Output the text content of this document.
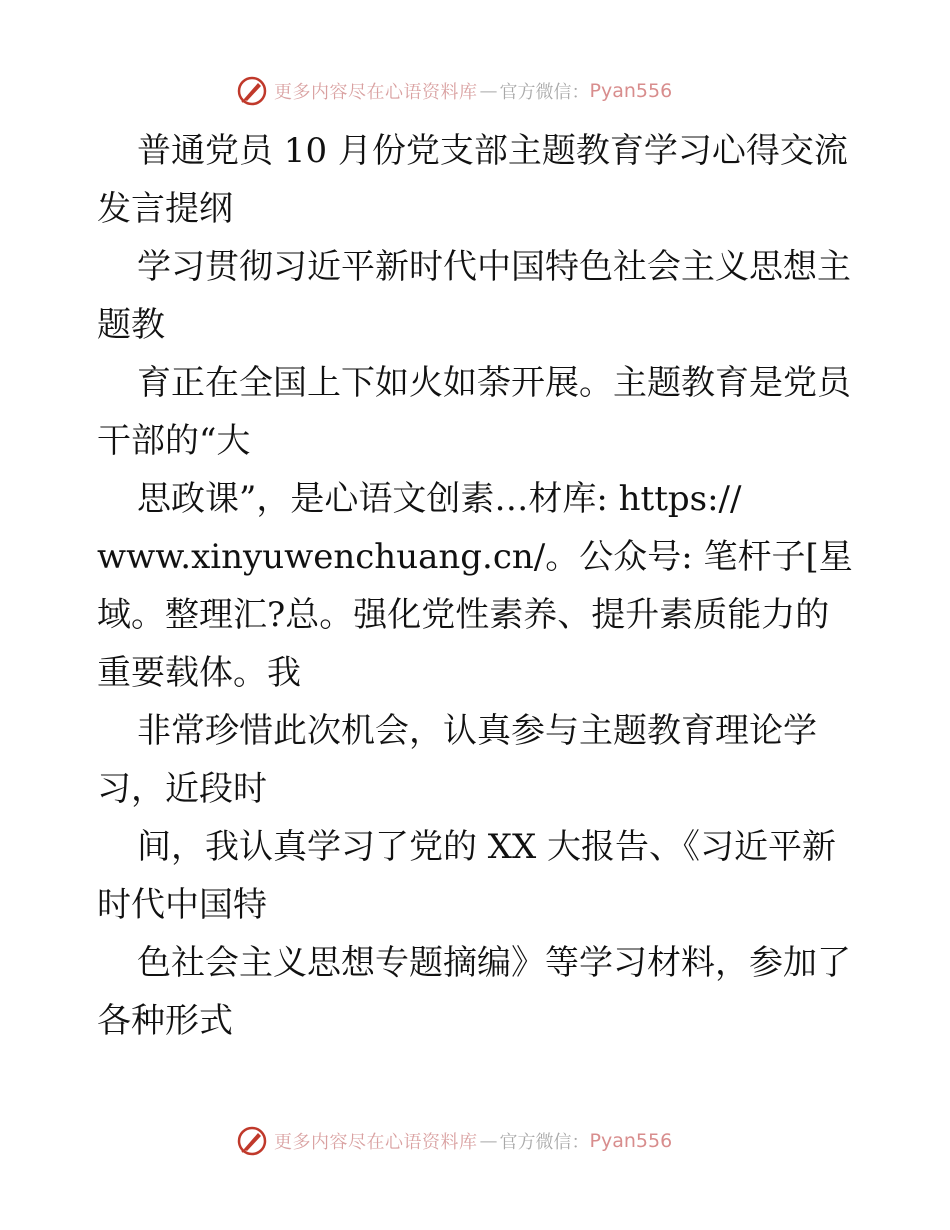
更多内容尽在心语资料库 — 官方微信： Pyan556
普通党员 10 月份党支部主题教育学习心得交流
发言提纲
学习贯彻习近平新时代中国特色社会主义思想主
题教
育正在全国上下如火如荼开展。主题教育是党员
干部的“大
思政课”，是心语文创素…材库: https://
www.xinyuwenchuang.cn/。公众号: 笔杆子[星
域。整理汇?总。强化党性素养、提升素质能力的
重要载体。我
非常珍惜此次机会，认真参与主题教育理论学
习，近段时
间，我认真学习了党的 XX 大报告、《习近平新
时代中国特
色社会主义思想专题摘编》等学习材料，参加了
各种形式
更多内容尽在心语资料库 — 官方微信： Pyan556
